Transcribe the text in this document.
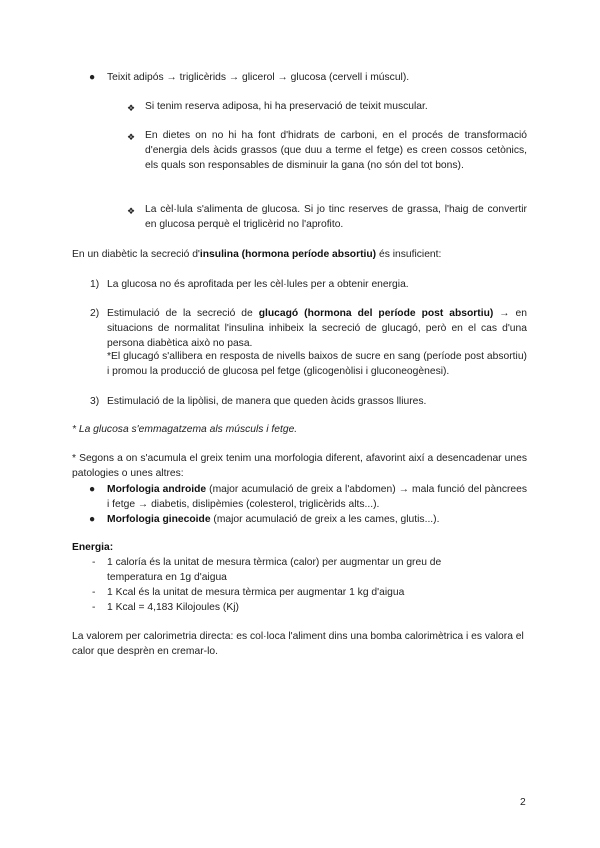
● Teixit adipós → triglicèrids → glicerol → glucosa (cervell i múscul).

❖ Si tenim reserva adiposa, hi ha preservació de teixit muscular.

❖ En dietes on no hi ha font d'hidrats de carboni, en el procés de transformació d'energia dels àcids grassos (que duu a terme el fetge) es creen cossos cetònics, els quals son responsables de disminuir la gana (no són del tot bons).

❖ La cèl·lula s'alimenta de glucosa. Si jo tinc reserves de grassa, l'haig de convertir en glucosa perquè el triglicèrid no l'aprofito.

En un diabètic la secreció d'insulina (hormona període absortiu) és insuficient:

1) La glucosa no és aprofitada per les cèl·lules per a obtenir energia.

2) Estimulació de la secreció de glucagó (hormona del període post absortiu) → en situacions de normalitat l'insulina inhibeix la secreció de glucagó, però en el cas d'una persona diabètica això no pasa.

*El glucagó s'allibera en resposta de nivells baixos de sucre en sang (període post absortiu) i promou la producció de glucosa pel fetge (glicogenòlisi i gluconeogènesi).

3) Estimulació de la lipòlisi, de manera que queden àcids grassos lliures.

* La glucosa s'emmagatzema als músculs i fetge.

* Segons a on s'acumula el greix tenim una morfologia diferent, afavorint així a desencadenar unes patologies o unes altres:

● Morfologia androide (major acumulació de greix a l'abdomen) → mala funció del pàncrees i fetge → diabetis, dislipèmies (colesterol, triglicèrids alts...).

● Morfologia ginecoide (major acumulació de greix a les cames, glutis...).

Energia:

- 1 caloría és la unitat de mesura tèrmica (calor) per augmentar un greu de temperatura en 1g d'aigua

- 1 Kcal és la unitat de mesura tèrmica per augmentar 1 kg d'aigua

- 1 Kcal = 4,183 Kilojoules (Kj)

La valorem per calorimetria directa: es col·loca l'aliment dins una bomba calorimètrica i es valora el calor que desprèn en cremar-lo.

2
